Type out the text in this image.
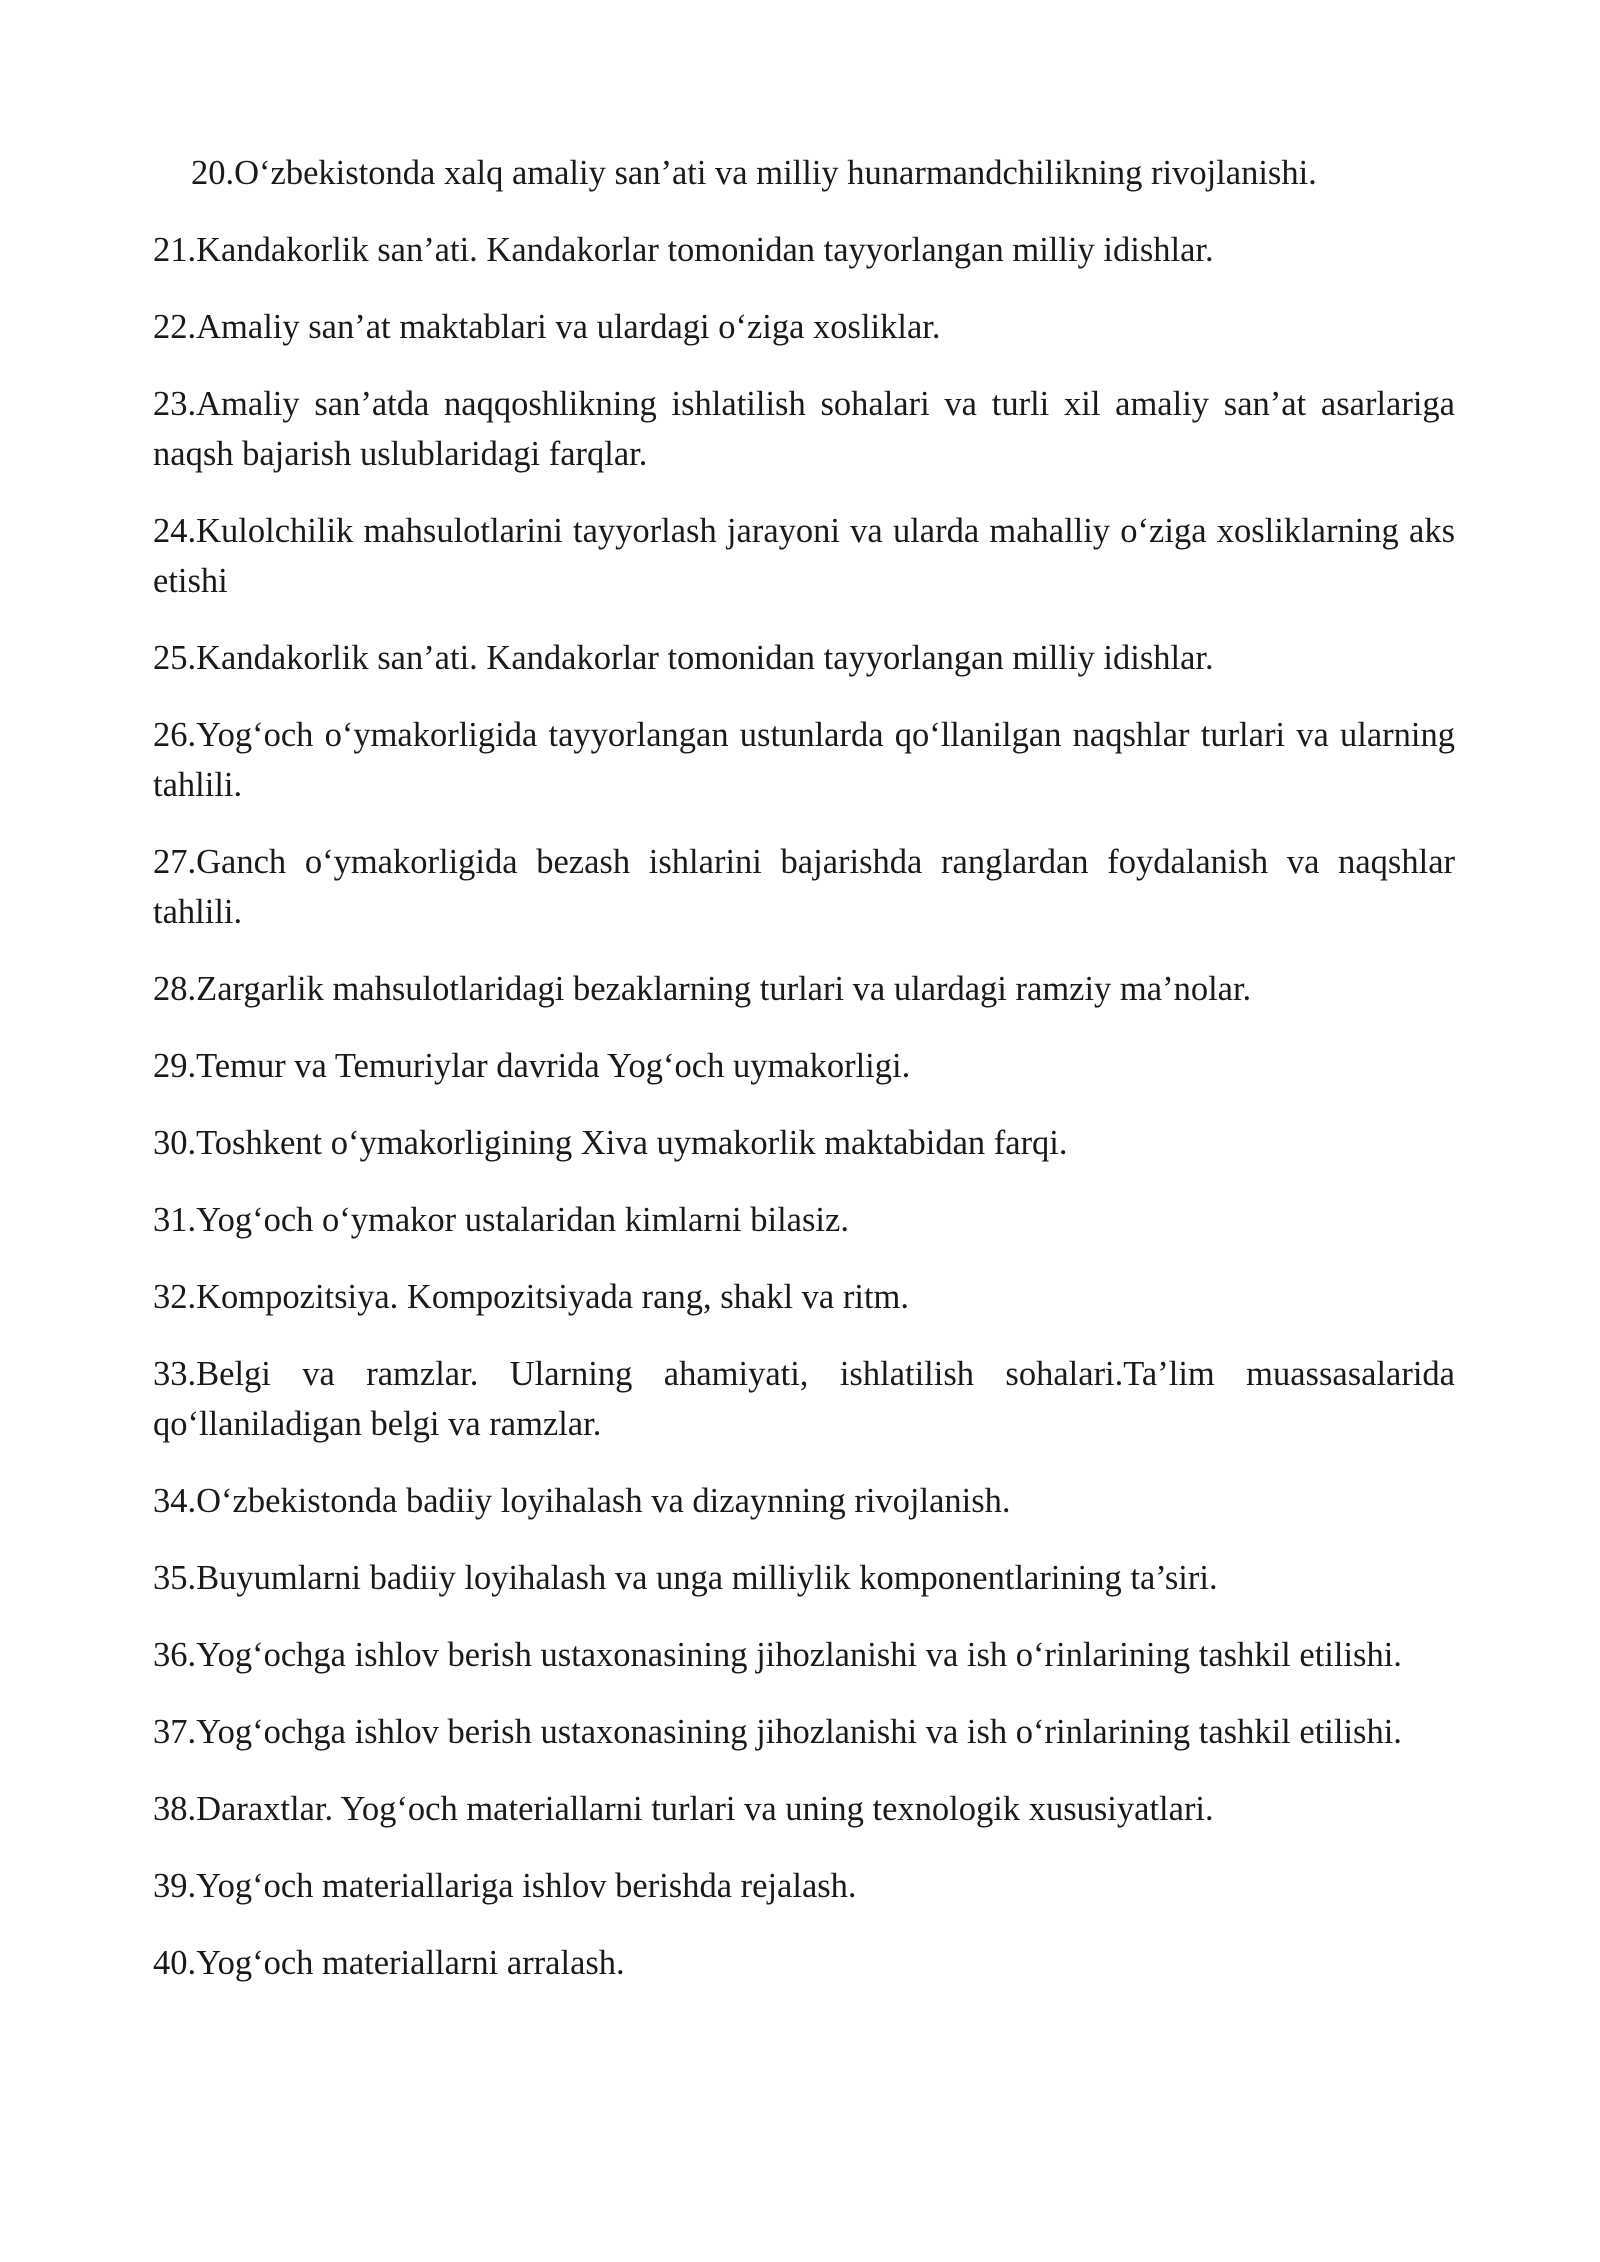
20.O‘zbekistonda xalq amaliy san’ati va milliy hunarmandchilikning rivojlanishi.
21.Kandakorlik san’ati. Kandakorlar tomonidan tayyorlangan milliy idishlar.
22.Amaliy san’at maktablari va ulardagi o‘ziga xosliklar.
23.Amaliy san’atda naqqoshlikning ishlatilish sohalari va turli xil amaliy san’at asarlariga naqsh bajarish uslublaridagi farqlar.
24.Kulolchilik mahsulotlarini tayyorlash jarayoni va ularda mahalliy o‘ziga xosliklarning aks etishi
25.Kandakorlik san’ati. Kandakorlar tomonidan tayyorlangan milliy idishlar.
26.Yog‘och o‘ymakorligida tayyorlangan ustunlarda qo‘llanilgan naqshlar turlari va ularning tahlili.
27.Ganch o‘ymakorligida bezash ishlarini bajarishda ranglardan foydalanish va naqshlar tahlili.
28.Zargarlik mahsulotlaridagi bezaklarning turlari va ulardagi ramziy ma’nolar.
29.Temur va Temuriylar davrida Yog‘och uymakorligi.
30.Toshkent o‘ymakorligining Xiva uymakorlik maktabidan farqi.
31.Yog‘och o‘ymakor ustalaridan kimlarni bilasiz.
32.Kompozitsiya. Kompozitsiyada rang, shakl va ritm.
33.Belgi va ramzlar. Ularning ahamiyati, ishlatilish sohalari.Ta’lim muassasalarida qo‘llaniladigan belgi va ramzlar.
34.O‘zbekistonda badiiy loyihalash va dizaynning rivojlanish.
35.Buyumlarni badiiy loyihalash va unga milliylik komponentlarining ta’siri.
36.Yog‘ochga ishlov berish ustaxonasining jihozlanishi va ish o‘rinlarining tashkil etilishi.
37.Yog‘ochga ishlov berish ustaxonasining jihozlanishi va ish o‘rinlarining tashkil etilishi.
38.Daraxtlar. Yog‘och materiallarni turlari va uning texnologik xususiyatlari.
39.Yog‘och materiallariga ishlov berishda rejalash.
40.Yog‘och materiallarni arralash.
